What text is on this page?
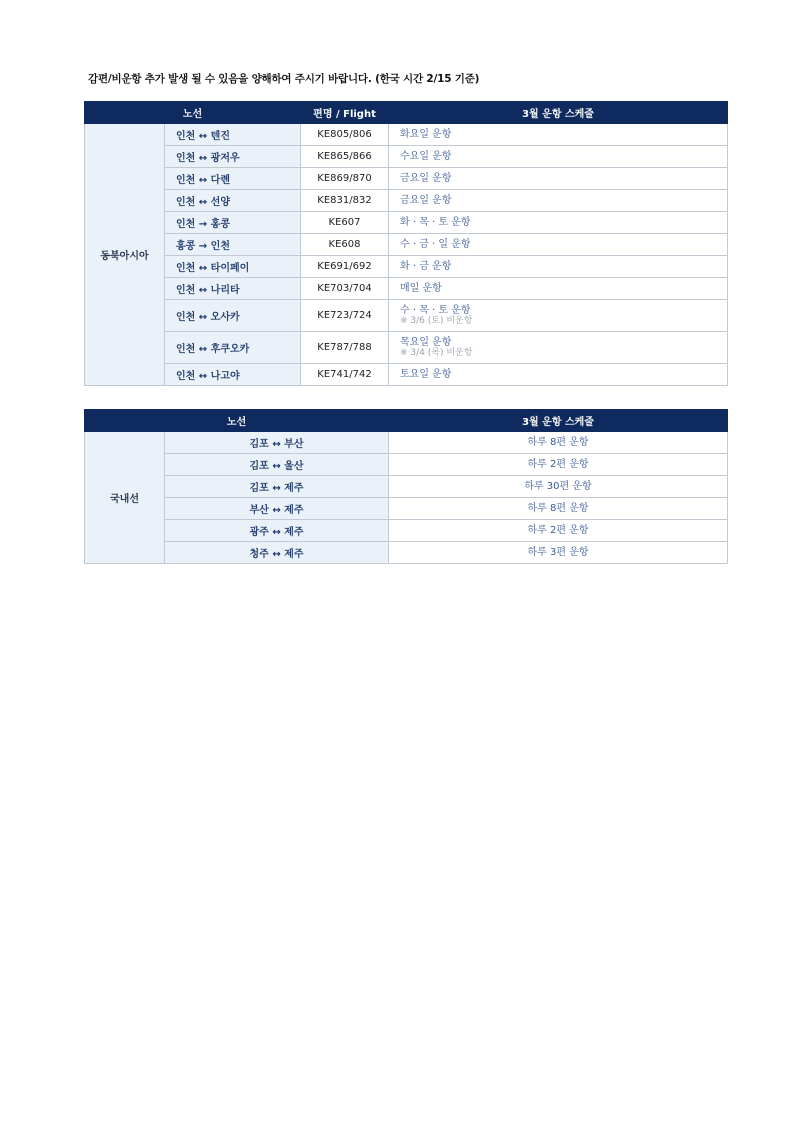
감편/비운항 추가 발생 될 수 있음을 양해하여 주시기 바랍니다. (한국 시간 2/15 기준)
노선		편명 / Flight	3월 운항 스케줄
동북아시아	인천 ↔ 텐진	KE805/806	화요일 운항
	인천 ↔ 광저우	KE865/866	수요일 운항
	인천 ↔ 다롄	KE869/870	금요일 운항
	인천 ↔ 선양	KE831/832	금요일 운항
	인천 → 홍콩	KE607	화 · 목 · 토 운항
	홍콩 → 인천	KE608	수 · 금 · 일 운항
	인천 ↔ 타이페이	KE691/692	화 · 금 운항
	인천 ↔ 나리타	KE703/704	매일 운항
	인천 ↔ 오사카	KE723/724	수 · 목 · 토 운항
※ 3/6 (토) 비운항

	인천 ↔ 후쿠오카	KE787/788	목요일 운항
※ 3/4 (목) 비운항

	인천 ↔ 나고야	KE741/742	토요일 운항
노선		3월 운항 스케줄
국내선	김포 ↔ 부산	하루 8편 운항
	김포 ↔ 울산	하루 2편 운항
	김포 ↔ 제주	하루 30편 운항
	부산 ↔ 제주	하루 8편 운항
	광주 ↔ 제주	하루 2편 운항
	청주 ↔ 제주	하루 3편 운항
